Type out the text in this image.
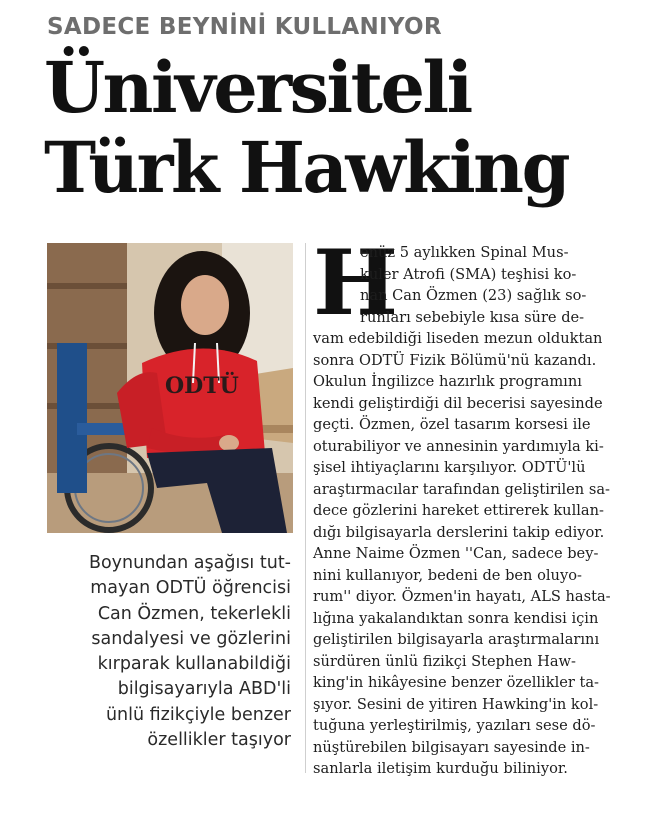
SADECE BEYNİNİ KULLANIYOR
Üniversiteli
Türk Hawking
ODTÜ
Boynundan aşağısı tut-
mayan ODTÜ öğrencisi
Can Özmen, tekerlekli
sandalyesi ve gözlerini
kırparak kullanabildiği
bilgisayarıyla ABD'li
ünlü fizikçiyle benzer
özellikler taşıyor
H
enüz 5 aylıkken Spinal Mus-
kuler Atrofi (SMA) teşhisi ko-
nan Can Özmen (23) sağlık so-
runları sebebiyle kısa süre de-
vam edebildiği liseden mezun olduktan
sonra ODTÜ Fizik Bölümü'nü kazandı.
Okulun İngilizce hazırlık programını
kendi geliştirdiği dil becerisi sayesinde
geçti. Özmen, özel tasarım korsesi ile
oturabiliyor ve annesinin yardımıyla ki-
şisel ihtiyaçlarını karşılıyor. ODTÜ'lü
araştırmacılar tarafından geliştirilen sa-
dece gözlerini hareket ettirerek kullan-
dığı bilgisayarla derslerini takip ediyor.
Anne Naime Özmen ''Can, sadece bey-
nini kullanıyor, bedeni de ben oluyo-
rum'' diyor. Özmen'in hayatı, ALS hasta-
lığına yakalandıktan sonra kendisi için
geliştirilen bilgisayarla araştırmalarını
sürdüren ünlü fizikçi Stephen Haw-
king'in hikâyesine benzer özellikler ta-
şıyor. Sesini de yitiren Hawking'in kol-
tuğuna yerleştirilmiş, yazıları sese dö-
nüştürebilen bilgisayarı sayesinde in-
sanlarla iletişim kurduğu biliniyor.
